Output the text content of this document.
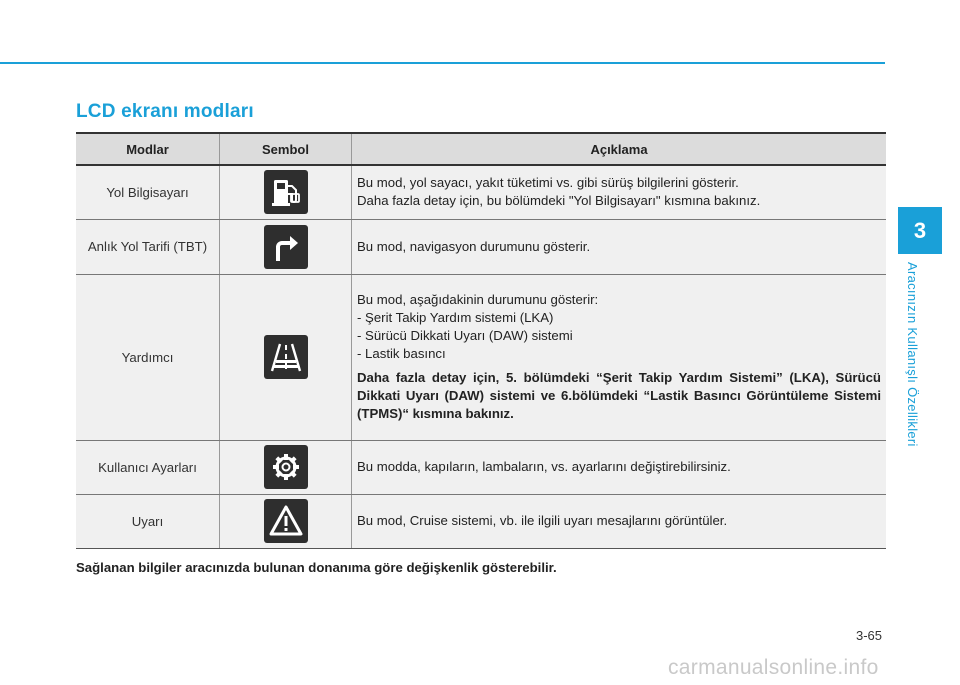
LCD ekranı modları
Modlar	Sembol	Açıklama
Yol Bilgisayarı		Bu mod, yol sayacı, yakıt tüketimi vs. gibi sürüş bilgilerini gösterir.
Daha fazla detay için, bu bölümdeki "Yol Bilgisayarı" kısmına bakınız.

Anlık Yol Tarifi (TBT)		Bu mod, navigasyon durumunu gösterir.

Yardımcı		Bu mod, aşağıdakinin durumunu gösterir:
- Şerit Takip Yardım sistemi (LKA)
- Sürücü Dikkati Uyarı (DAW) sistemi
- Lastik basıncı
Daha fazla detay için, 5. bölümdeki “Şerit Takip Yardım Sistemi” (LKA), Sürücü Dikkati Uyarı (DAW) sistemi ve 6.bölümdeki “Lastik Basıncı Görüntüleme Sistemi (TPMS)“ kısmına bakınız.

Kullanıcı Ayarları		Bu modda, kapıların, lambaların, vs. ayarlarını değiştirebilirsiniz.

Uyarı		Bu mod, Cruise sistemi, vb. ile ilgili uyarı mesajlarını görüntüler.
Sağlanan bilgiler aracınızda bulunan donanıma göre değişkenlik gösterebilir.
3
Aracınızın Kullanışlı Özellikleri
3-65
carmanualsonline.info
